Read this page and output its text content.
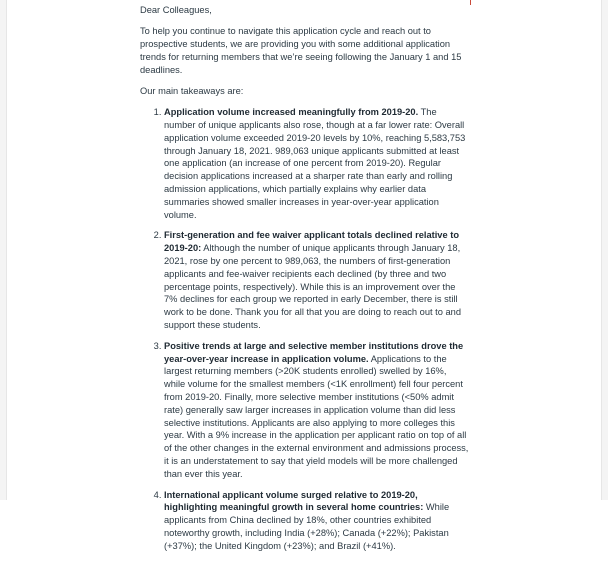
Dear Colleagues,

To help you continue to navigate this application cycle and reach out to prospective students, we are providing you with some additional application trends for returning members that we’re seeing following the January 1 and 15 deadlines.

Our main takeaways are:

1. Application volume increased meaningfully from 2019-20. The number of unique applicants also rose, though at a far lower rate: Overall application volume exceeded 2019-20 levels by 10%, reaching 5,583,753 through January 18, 2021. 989,063 unique applicants submitted at least one application (an increase of one percent from 2019-20). Regular decision applications increased at a sharper rate than early and rolling admission applications, which partially explains why earlier data summaries showed smaller increases in year-over-year application volume.
2. First-generation and fee waiver applicant totals declined relative to 2019-20: Although the number of unique applicants through January 18, 2021, rose by one percent to 989,063, the numbers of first-generation applicants and fee-waiver recipients each declined (by three and two percentage points, respectively). While this is an improvement over the 7% declines for each group we reported in early December, there is still work to be done. Thank you for all that you are doing to reach out to and support these students.
3. Positive trends at large and selective member institutions drove the year-over-year increase in application volume. Applications to the largest returning members (>20K students enrolled) swelled by 16%, while volume for the smallest members (<1K enrollment) fell four percent from 2019-20. Finally, more selective member institutions (<50% admit rate) generally saw larger increases in application volume than did less selective institutions. Applicants are also applying to more colleges this year. With a 9% increase in the application per applicant ratio on top of all of the other changes in the external environment and admissions process, it is an understatement to say that yield models will be more challenged than ever this year.
4. International applicant volume surged relative to 2019-20, highlighting meaningful growth in several home countries: While applicants from China declined by 18%, other countries exhibited noteworthy growth, including India (+28%); Canada (+22%); Pakistan (+37%); the United Kingdom (+23%); and Brazil (+41%).
